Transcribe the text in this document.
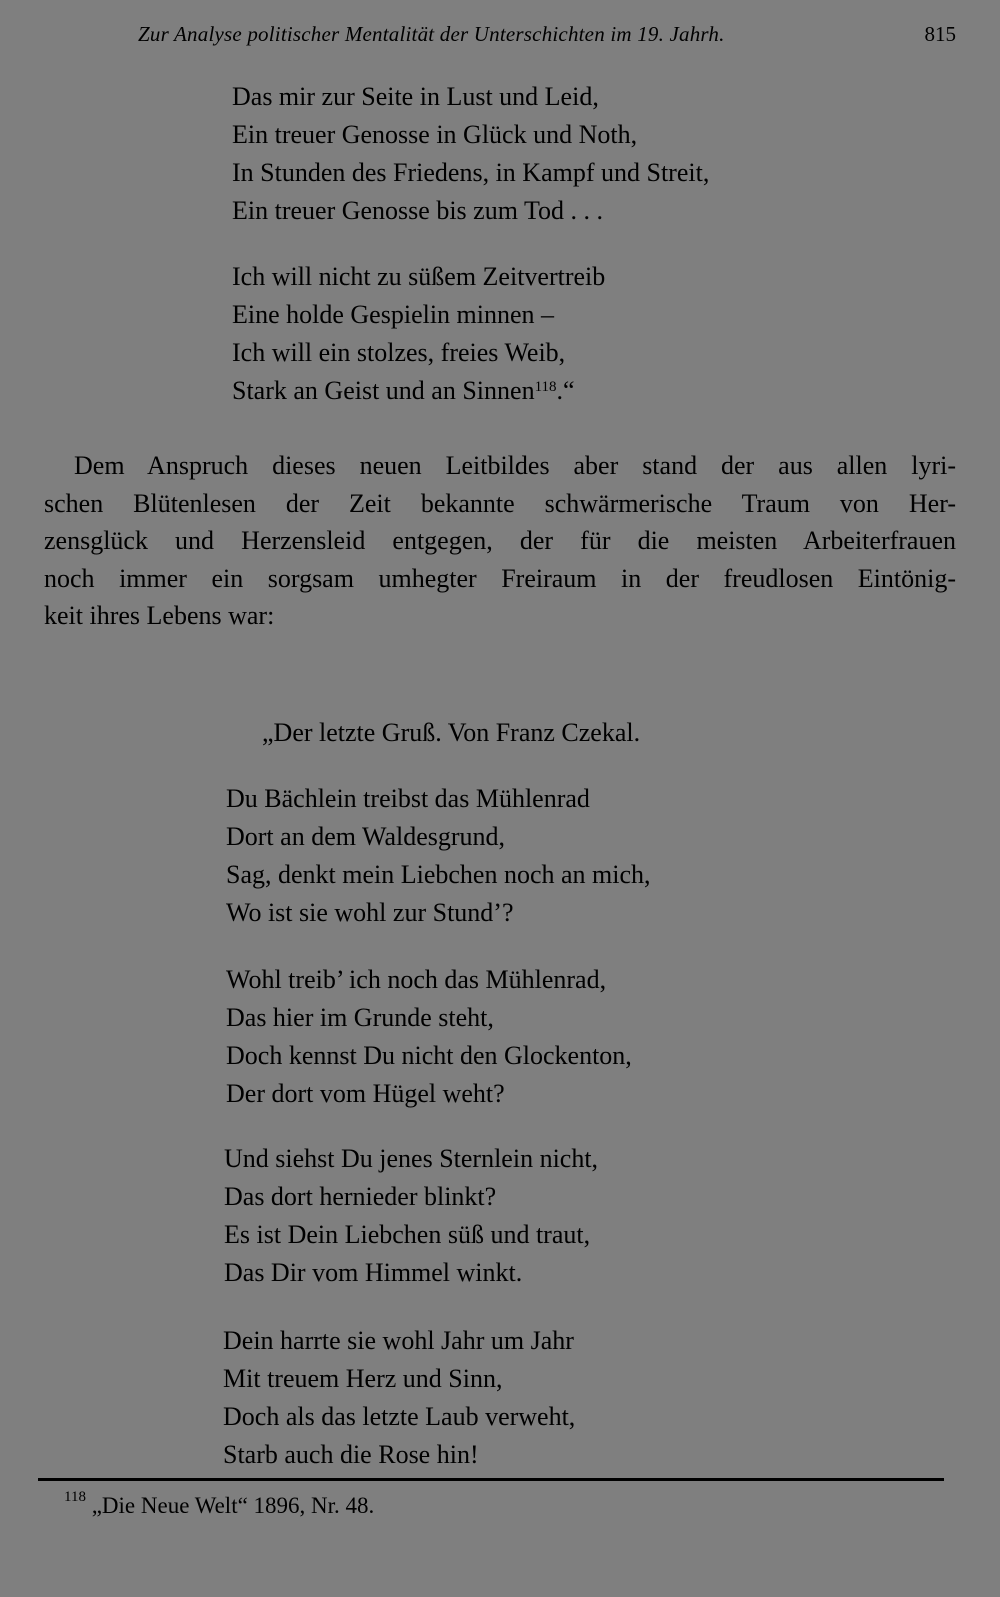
Zur Analyse politischer Mentalität der Unterschichten im 19. Jahrh.	815
Das mir zur Seite in Lust und Leid,
Ein treuer Genosse in Glück und Noth,
In Stunden des Friedens, in Kampf und Streit,
Ein treuer Genosse bis zum Tod . . .
Ich will nicht zu süßem Zeitvertreib
Eine holde Gespielin minnen –
Ich will ein stolzes, freies Weib,
Stark an Geist und an Sinnen$^{118}$.“
Dem Anspruch dieses neuen Leitbildes aber stand der aus allen lyri-
schen Blütenlesen der Zeit bekannte schwärmerische Traum von Her-
zensglück und Herzensleid entgegen, der für die meisten Arbeiterfrauen
noch immer ein sorgsam umhegter Freiraum in der freudlosen Eintönig-
keit ihres Lebens war:
„Der letzte Gruß. Von Franz Czekal.
Du Bächlein treibst das Mühlenrad
Dort an dem Waldesgrund,
Sag, denkt mein Liebchen noch an mich,
Wo ist sie wohl zur Stund’?
Wohl treib’ ich noch das Mühlenrad,
Das hier im Grunde steht,
Doch kennst Du nicht den Glockenton,
Der dort vom Hügel weht?
Und siehst Du jenes Sternlein nicht,
Das dort hernieder blinkt?
Es ist Dein Liebchen süß und traut,
Das Dir vom Himmel winkt.
Dein harrte sie wohl Jahr um Jahr
Mit treuem Herz und Sinn,
Doch als das letzte Laub verweht,
Starb auch die Rose hin!
$^{118}$ „Die Neue Welt“ 1896, Nr. 48.
